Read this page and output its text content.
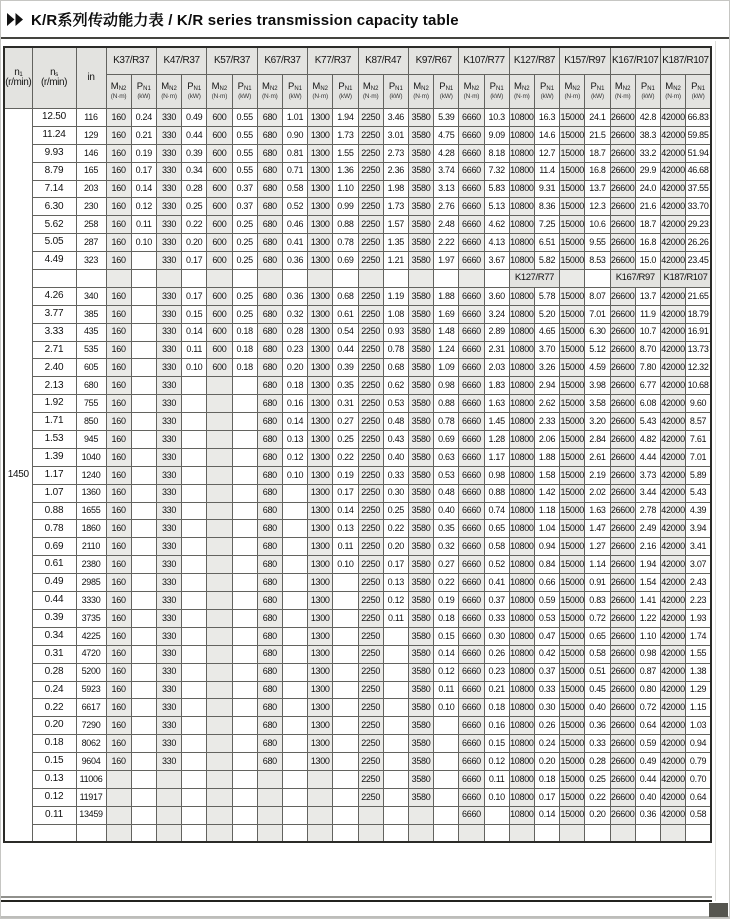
K/R系列传动能力表 / K/R series transmission capacity table
$n_1$
(r/min)	$n_s$
(r/min)	in	K37/R37		K47/R37		K57/R37		K67/R37		K77/R37		K87/R47		K97/R67		K107/R77		K127/R87		K157/R97		K167/R107		K187/R107	
			$M_{N2}$
(N·m)	$P_{N1}$
(kW)	$M_{N2}$
(N·m)	$P_{N1}$
(kW)	$M_{N2}$
(N·m)	$P_{N1}$
(kW)	$M_{N2}$
(N·m)	$P_{N1}$
(kW)	$M_{N2}$
(N·m)	$P_{N1}$
(kW)	$M_{N2}$
(N·m)	$P_{N1}$
(kW)	$M_{N2}$
(N·m)	$P_{N1}$
(kW)	$M_{N2}$
(N·m)	$P_{N1}$
(kW)	$M_{N2}$
(N·m)	$P_{N1}$
(kW)	$M_{N2}$
(N·m)	$P_{N1}$
(kW)	$M_{N2}$
(N·m)	$P_{N1}$
(kW)	$M_{N2}$
(N·m)	$P_{N1}$
(kW)

1450	12.50	116	160	0.24	330	0.49	600	0.55	680	1.01	1300	1.94	2250	3.46	3580	5.39	6660	10.3	10800	16.3	15000	24.1	26600	42.8	42000	66.83
	11.24	129	160	0.21	330	0.44	600	0.55	680	0.90	1300	1.73	2250	3.01	3580	4.75	6660	9.09	10800	14.6	15000	21.5	26600	38.3	42000	59.85
	9.93	146	160	0.19	330	0.39	600	0.55	680	0.81	1300	1.55	2250	2.73	3580	4.28	6660	8.18	10800	12.7	15000	18.7	26600	33.2	42000	51.94
	8.79	165	160	0.17	330	0.34	600	0.55	680	0.71	1300	1.36	2250	2.36	3580	3.74	6660	7.32	10800	11.4	15000	16.8	26600	29.9	42000	46.68
	7.14	203	160	0.14	330	0.28	600	0.37	680	0.58	1300	1.10	2250	1.98	3580	3.13	6660	5.83	10800	9.31	15000	13.7	26600	24.0	42000	37.55
	6.30	230	160	0.12	330	0.25	600	0.37	680	0.52	1300	0.99	2250	1.73	3580	2.76	6660	5.13	10800	8.36	15000	12.3	26600	21.6	42000	33.70
	5.62	258	160	0.11	330	0.22	600	0.25	680	0.46	1300	0.88	2250	1.57	3580	2.48	6660	4.62	10800	7.25	15000	10.6	26600	18.7	42000	29.23
	5.05	287	160	0.10	330	0.20	600	0.25	680	0.41	1300	0.78	2250	1.35	3580	2.22	6660	4.13	10800	6.51	15000	9.55	26600	16.8	42000	26.26
	4.49	323	160		330	0.17	600	0.25	680	0.36	1300	0.69	2250	1.21	3580	1.97	6660	3.67	10800	5.82	15000	8.53	26600	15.0	42000	23.45
																			K127/R77				K167/R97		K187/R107	
	4.26	340	160		330	0.17	600	0.25	680	0.36	1300	0.68	2250	1.19	3580	1.88	6660	3.60	10800	5.78	15000	8.07	26600	13.7	42000	21.65
	3.77	385	160		330	0.15	600	0.25	680	0.32	1300	0.61	2250	1.08	3580	1.69	6660	3.24	10800	5.20	15000	7.01	26600	11.9	42000	18.79
	3.33	435	160		330	0.14	600	0.18	680	0.28	1300	0.54	2250	0.93	3580	1.48	6660	2.89	10800	4.65	15000	6.30	26600	10.7	42000	16.91
	2.71	535	160		330	0.11	600	0.18	680	0.23	1300	0.44	2250	0.78	3580	1.24	6660	2.31	10800	3.70	15000	5.12	26600	8.70	42000	13.73
	2.40	605	160		330	0.10	600	0.18	680	0.20	1300	0.39	2250	0.68	3580	1.09	6660	2.03	10800	3.26	15000	4.59	26600	7.80	42000	12.32
	2.13	680	160		330				680	0.18	1300	0.35	2250	0.62	3580	0.98	6660	1.83	10800	2.94	15000	3.98	26600	6.77	42000	10.68
	1.92	755	160		330				680	0.16	1300	0.31	2250	0.53	3580	0.88	6660	1.63	10800	2.62	15000	3.58	26600	6.08	42000	9.60
	1.71	850	160		330				680	0.14	1300	0.27	2250	0.48	3580	0.78	6660	1.45	10800	2.33	15000	3.20	26600	5.43	42000	8.57
	1.53	945	160		330				680	0.13	1300	0.25	2250	0.43	3580	0.69	6660	1.28	10800	2.06	15000	2.84	26600	4.82	42000	7.61
	1.39	1040	160		330				680	0.12	1300	0.22	2250	0.40	3580	0.63	6660	1.17	10800	1.88	15000	2.61	26600	4.44	42000	7.01
	1.17	1240	160		330				680	0.10	1300	0.19	2250	0.33	3580	0.53	6660	0.98	10800	1.58	15000	2.19	26600	3.73	42000	5.89
	1.07	1360	160		330				680		1300	0.17	2250	0.30	3580	0.48	6660	0.88	10800	1.42	15000	2.02	26600	3.44	42000	5.43
	0.88	1655	160		330				680		1300	0.14	2250	0.25	3580	0.40	6660	0.74	10800	1.18	15000	1.63	26600	2.78	42000	4.39
	0.78	1860	160		330				680		1300	0.13	2250	0.22	3580	0.35	6660	0.65	10800	1.04	15000	1.47	26600	2.49	42000	3.94
	0.69	2110	160		330				680		1300	0.11	2250	0.20	3580	0.32	6660	0.58	10800	0.94	15000	1.27	26600	2.16	42000	3.41
	0.61	2380	160		330				680		1300	0.10	2250	0.17	3580	0.27	6660	0.52	10800	0.84	15000	1.14	26600	1.94	42000	3.07
	0.49	2985	160		330				680		1300		2250	0.13	3580	0.22	6660	0.41	10800	0.66	15000	0.91	26600	1.54	42000	2.43
	0.44	3330	160		330				680		1300		2250	0.12	3580	0.19	6660	0.37	10800	0.59	15000	0.83	26600	1.41	42000	2.23
	0.39	3735	160		330				680		1300		2250	0.11	3580	0.18	6660	0.33	10800	0.53	15000	0.72	26600	1.22	42000	1.93
	0.34	4225	160		330				680		1300		2250		3580	0.15	6660	0.30	10800	0.47	15000	0.65	26600	1.10	42000	1.74
	0.31	4720	160		330				680		1300		2250		3580	0.14	6660	0.26	10800	0.42	15000	0.58	26600	0.98	42000	1.55
	0.28	5200	160		330				680		1300		2250		3580	0.12	6660	0.23	10800	0.37	15000	0.51	26600	0.87	42000	1.38
	0.24	5923	160		330				680		1300		2250		3580	0.11	6660	0.21	10800	0.33	15000	0.45	26600	0.80	42000	1.29
	0.22	6617	160		330				680		1300		2250		3580	0.10	6660	0.18	10800	0.30	15000	0.40	26600	0.72	42000	1.15
	0.20	7290	160		330				680		1300		2250		3580		6660	0.16	10800	0.26	15000	0.36	26600	0.64	42000	1.03
	0.18	8062	160		330				680		1300		2250		3580		6660	0.15	10800	0.24	15000	0.33	26600	0.59	42000	0.94
	0.15	9604	160		330				680		1300		2250		3580		6660	0.12	10800	0.20	15000	0.28	26600	0.49	42000	0.79
	0.13	11006											2250		3580		6660	0.11	10800	0.18	15000	0.25	26600	0.44	42000	0.70
	0.12	11917											2250		3580		6660	0.10	10800	0.17	15000	0.22	26600	0.40	42000	0.64
	0.11	13459															6660		10800	0.14	15000	0.20	26600	0.36	42000	0.58
